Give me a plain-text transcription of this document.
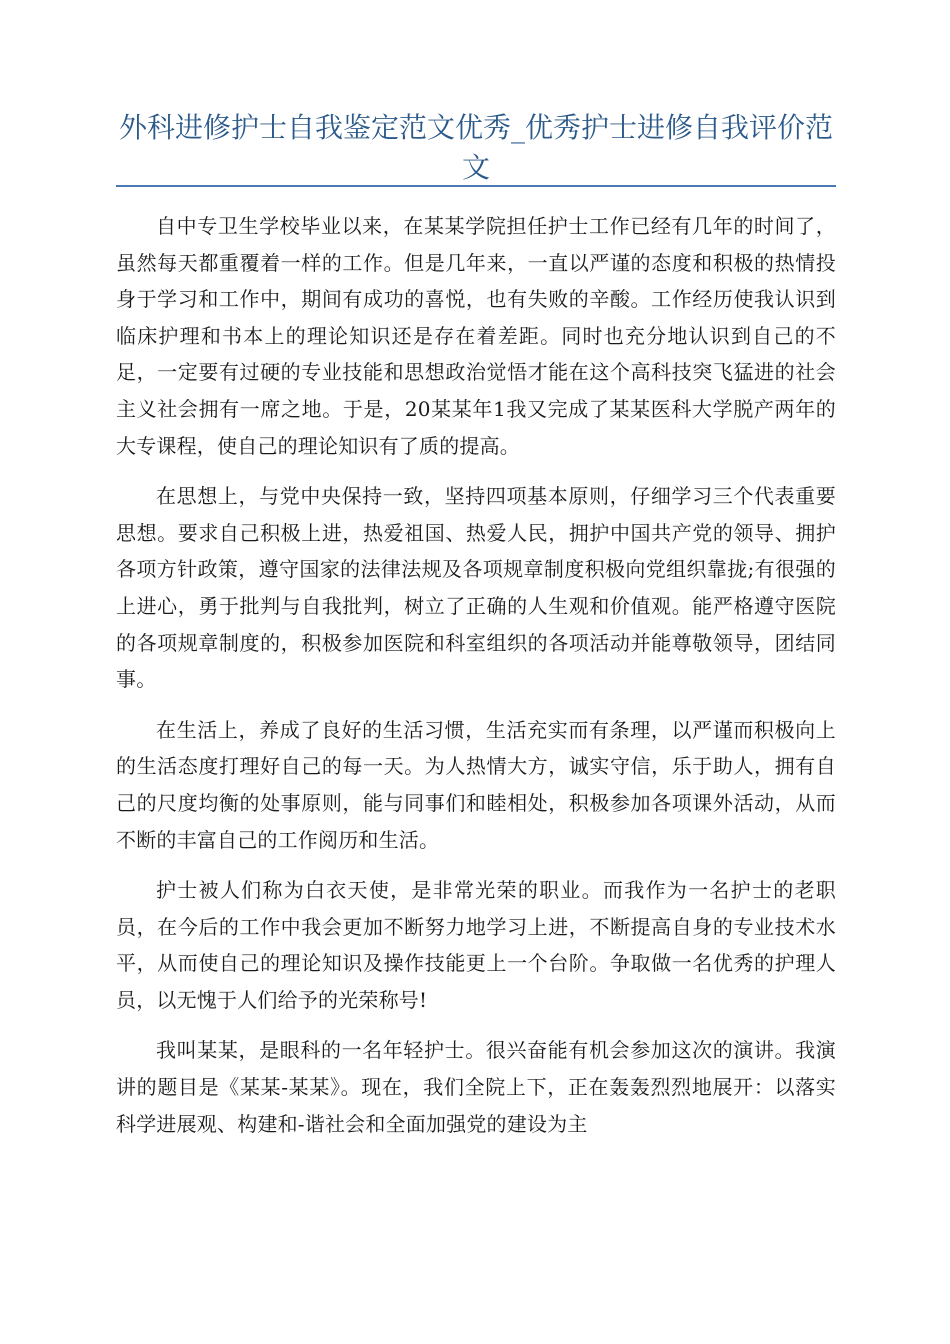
外科进修护士自我鉴定范文优秀_优秀护士进修自我评价范文

自中专卫生学校毕业以来，在某某学院担任护士工作已经有几年的时间了，虽然每天都重覆着一样的工作。但是几年来，一直以严谨的态度和积极的热情投身于学习和工作中，期间有成功的喜悦，也有失败的辛酸。工作经历使我认识到临床护理和书本上的理论知识还是存在着差距。同时也充分地认识到自己的不足，一定要有过硬的专业技能和思想政治觉悟才能在这个高科技突飞猛进的社会主义社会拥有一席之地。于是，20某某年1我又完成了某某医科大学脱产两年的大专课程，使自己的理论知识有了质的提高。

在思想上，与党中央保持一致，坚持四项基本原则，仔细学习三个代表重要思想。要求自己积极上进，热爱祖国、热爱人民，拥护中国共产党的领导、拥护各项方针政策，遵守国家的法律法规及各项规章制度积极向党组织靠拢;有很强的上进心，勇于批判与自我批判，树立了正确的人生观和价值观。能严格遵守医院的各项规章制度的，积极参加医院和科室组织的各项活动并能尊敬领导，团结同事。

在生活上，养成了良好的生活习惯，生活充实而有条理，以严谨而积极向上的生活态度打理好自己的每一天。为人热情大方，诚实守信，乐于助人，拥有自己的尺度均衡的处事原则，能与同事们和睦相处，积极参加各项课外活动，从而不断的丰富自己的工作阅历和生活。

护士被人们称为白衣天使，是非常光荣的职业。而我作为一名护士的老职员，在今后的工作中我会更加不断努力地学习上进，不断提高自身的专业技术水平，从而使自己的理论知识及操作技能更上一个台阶。争取做一名优秀的护理人员，以无愧于人们给予的光荣称号!

我叫某某，是眼科的一名年轻护士。很兴奋能有机会参加这次的演讲。我演讲的题目是《某某-某某》。现在，我们全院上下，正在轰轰烈烈地展开：以落实科学进展观、构建和-谐社会和全面加强党的建设为主
